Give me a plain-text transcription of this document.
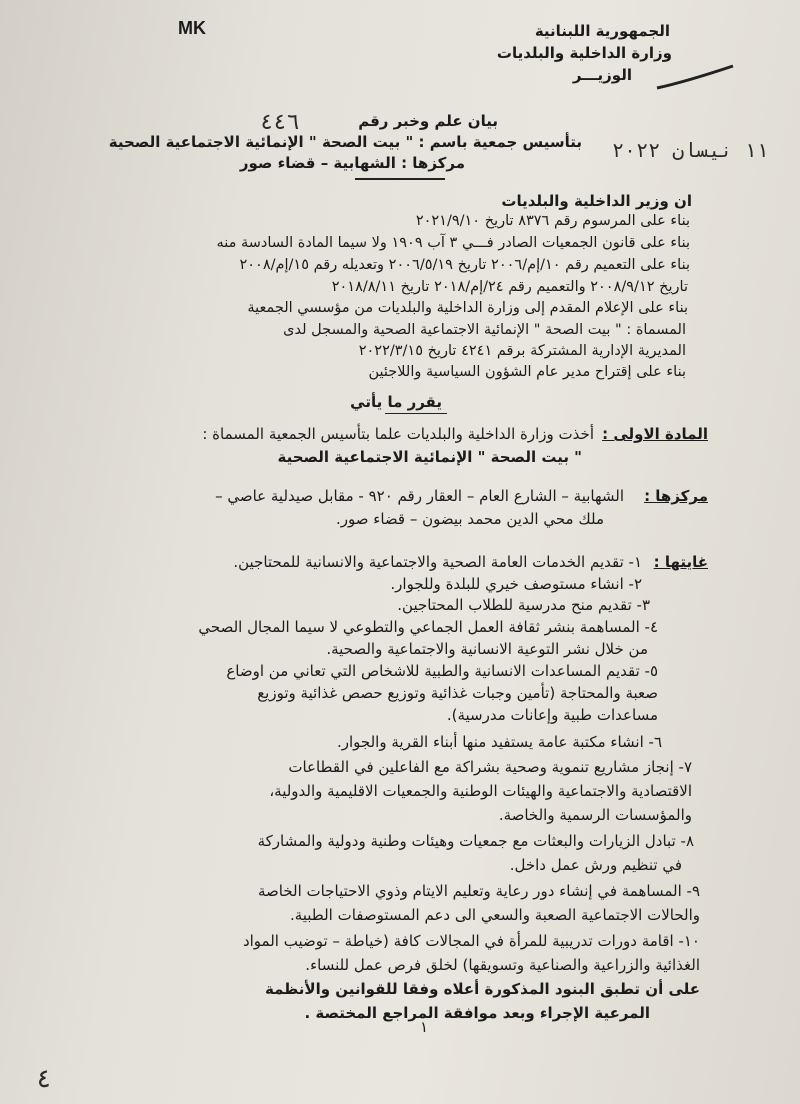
MK	الجمهورية اللبنانية
وزارة الداخلية والبلديات
الوزيـــر
٤٤٦	بيان علم وخبر رقم
١١ نيسان ٢٠٢٢
بتأسيس جمعية باسم : " بيت الصحة " الإنمائية الاجتماعية الصحية
مركزها : الشهابية – قضاء صور
ان وزير الداخلية والبلديات
بناء على المرسوم رقم ٨٣٧٦ تاريخ ٢٠٢١/٩/١٠
بناء على قانون الجمعيات الصادر فـــي ٣ آب ١٩٠٩ ولا سيما المادة السادسة منه
بناء على التعميم رقم ١٠/إم/٢٠٠٦ تاريخ ٢٠٠٦/٥/١٩ وتعديله رقم ١٥/إم/٢٠٠٨
تاريخ ٢٠٠٨/٩/١٢ والتعميم رقم ٢٤/إم/٢٠١٨ تاريخ ٢٠١٨/٨/١١
بناء على الإعلام المقدم إلى وزارة الداخلية والبلديات من مؤسسي الجمعية
المسماة : " بيت الصحة " الإنمائية الاجتماعية الصحية والمسجل لدى
المديرية الإدارية المشتركة برقم ٤٢٤١ تاريخ ٢٠٢٢/٣/١٥
بناء على إقتراح مدير عام الشؤون السياسية واللاجئين
يقرر ما يأتي
المادة الاولى :
أخذت وزارة الداخلية والبلديات علما بتأسيس الجمعية المسماة :
" بيت الصحة " الإنمائية الاجتماعية الصحية
مركزها :
الشهابية – الشارع العام – العقار رقم ٩٢٠ - مقابل صيدلية عاصي –
ملك محي الدين محمد بيضون – قضاء صور.
غايتها :
١- تقديم الخدمات العامة الصحية والاجتماعية والانسانية للمحتاجين.
٢- انشاء مستوصف خيري للبلدة وللجوار.
٣- تقديم منح مدرسية للطلاب المحتاجين.
٤- المساهمة بنشر ثقافة العمل الجماعي والتطوعي لا سيما المجال الصحي
من خلال نشر التوعية الانسانية والاجتماعية والصحية.
٥- تقديم المساعدات الانسانية والطبية للاشخاص التي تعاني من اوضاع
صعبة والمحتاجة (تأمين وجبات غذائية وتوزيع حصص غذائية وتوزيع
مساعدات طبية وإعانات مدرسية).
٦- انشاء مكتبة عامة يستفيد منها أبناء القرية والجوار.
٧- إنجاز مشاريع تنموية وصحية بشراكة مع الفاعلين في القطاعات
الاقتصادية والاجتماعية والهيئات الوطنية والجمعيات الاقليمية والدولية،
والمؤسسات الرسمية والخاصة.
٨- تبادل الزيارات والبعثات مع جمعيات وهيئات وطنية ودولية والمشاركة
في تنظيم ورش عمل داخل.
٩- المساهمة في إنشاء دور رعاية وتعليم الايتام وذوي الاحتياجات الخاصة
والحالات الاجتماعية الصعبة والسعي الى دعم المستوصفات الطبية.
١٠- اقامة دورات تدريبية للمرأة في المجالات كافة (خياطة – توضيب المواد
الغذائية والزراعية والصناعية وتسويقها) لخلق فرص عمل للنساء.
على أن تطبق البنود المذكورة أعلاه وفقا للقوانين والأنظمة
المرعية الإجراء وبعد موافقة المراجع المختصة .
١
٤
